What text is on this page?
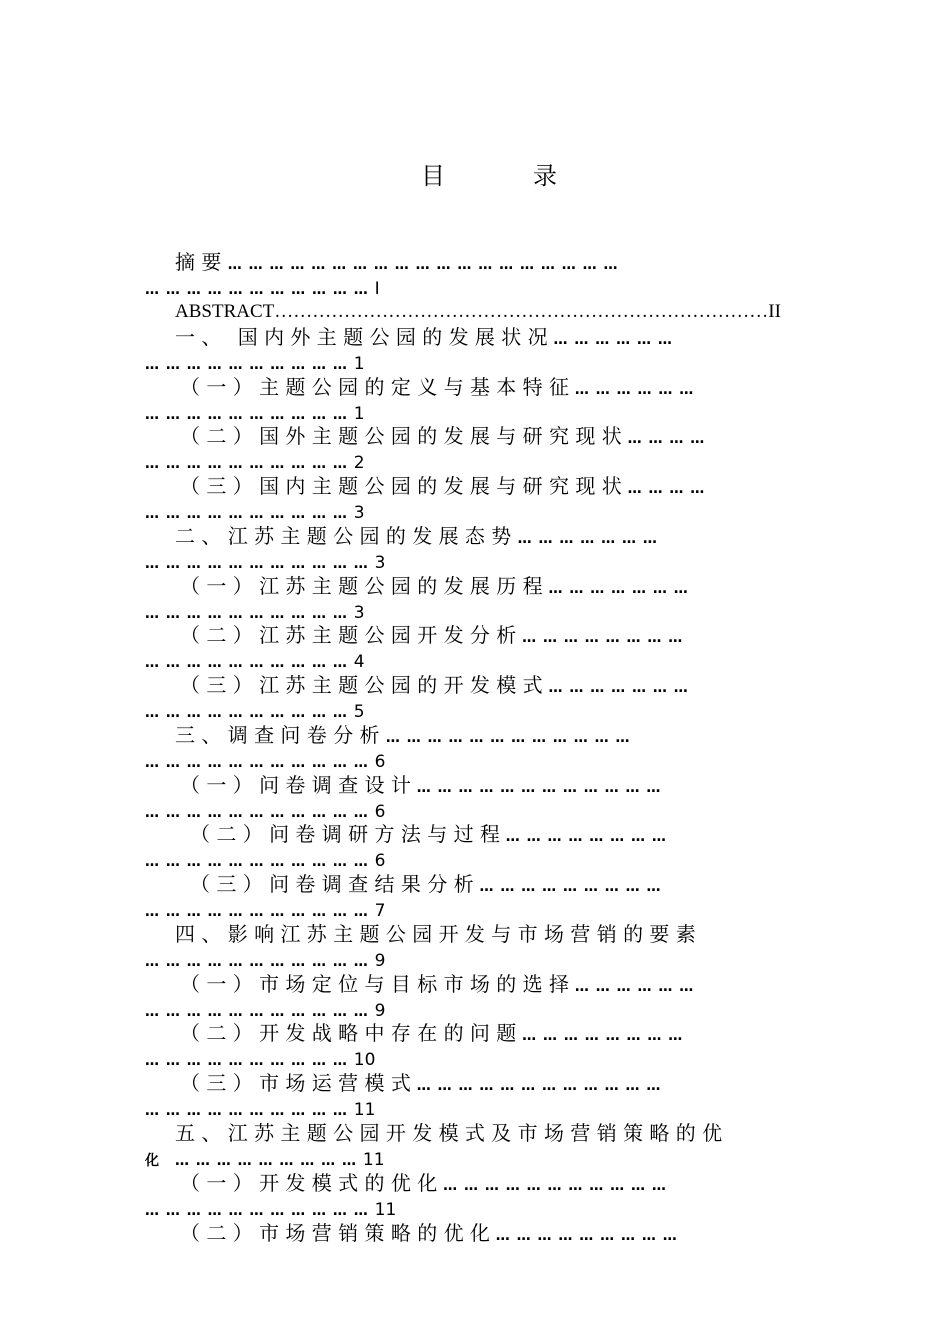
目　录
摘 要 … … … … … … … … … … … … … … … … … … …
… … … … … … … … … … … I
ABSTRACT……………………………………………………………………II
一 、　 国 内 外 主 题 公 园 的 发 展 状 况 … … … … … …
… … … … … … … … … … 1
（ 一 ） 主 题 公 园 的 定 义 与 基 本 特 征 … … … … … …
… … … … … … … … … … 1
（ 二 ） 国 外 主 题 公 园 的 发 展 与 研 究 现 状 … … … …
… … … … … … … … … … 2
（ 三 ） 国 内 主 题 公 园 的 发 展 与 研 究 现 状 … … … …
… … … … … … … … … … 3
二 、 江 苏 主 题 公 园 的 发 展 态 势 … … … … … … …
… … … … … … … … … … … 3
（ 一 ） 江 苏 主 题 公 园 的 发 展 历 程 … … … … … … …
… … … … … … … … … … 3
（ 二 ） 江 苏 主 题 公 园 开 发 分 析 … … … … … … … …
… … … … … … … … … … 4
（ 三 ） 江 苏 主 题 公 园 的 开 发 模 式 … … … … … … …
… … … … … … … … … … 5
三 、 调 查 问 卷 分 析 … … … … … … … … … … … …
… … … … … … … … … … … 6
（ 一 ） 问 卷 调 查 设 计 … … … … … … … … … … … …
… … … … … … … … … … … 6
　（ 二 ） 问 卷 调 研 方 法 与 过 程 … … … … … … … …
… … … … … … … … … … … 6
　（ 三 ） 问 卷 调 查 结 果 分 析 … … … … … … … … …
… … … … … … … … … … … 7
四 、 影 响 江 苏 主 题 公 园 开 发 与 市 场 营 销 的 要 素
… … … … … … … … … … … 9
（ 一 ） 市 场 定 位 与 目 标 市 场 的 选 择 … … … … … …
… … … … … … … … … … … 9
（ 二 ） 开 发 战 略 中 存 在 的 问 题 … … … … … … … …
… … … … … … … … … … 10
（ 三 ） 市 场 运 营 模 式 … … … … … … … … … … … …
… … … … … … … … … … 11
五 、 江 苏 主 题 公 园 开 发 模 式 及 市 场 营 销 策 略 的 优
化　… … … … … … … … … 11
（ 一 ） 开 发 模 式 的 优 化 … … … … … … … … … … …
… … … … … … … … … … … 11
（ 二 ） 市 场 营 销 策 略 的 优 化 … … … … … … … … …
